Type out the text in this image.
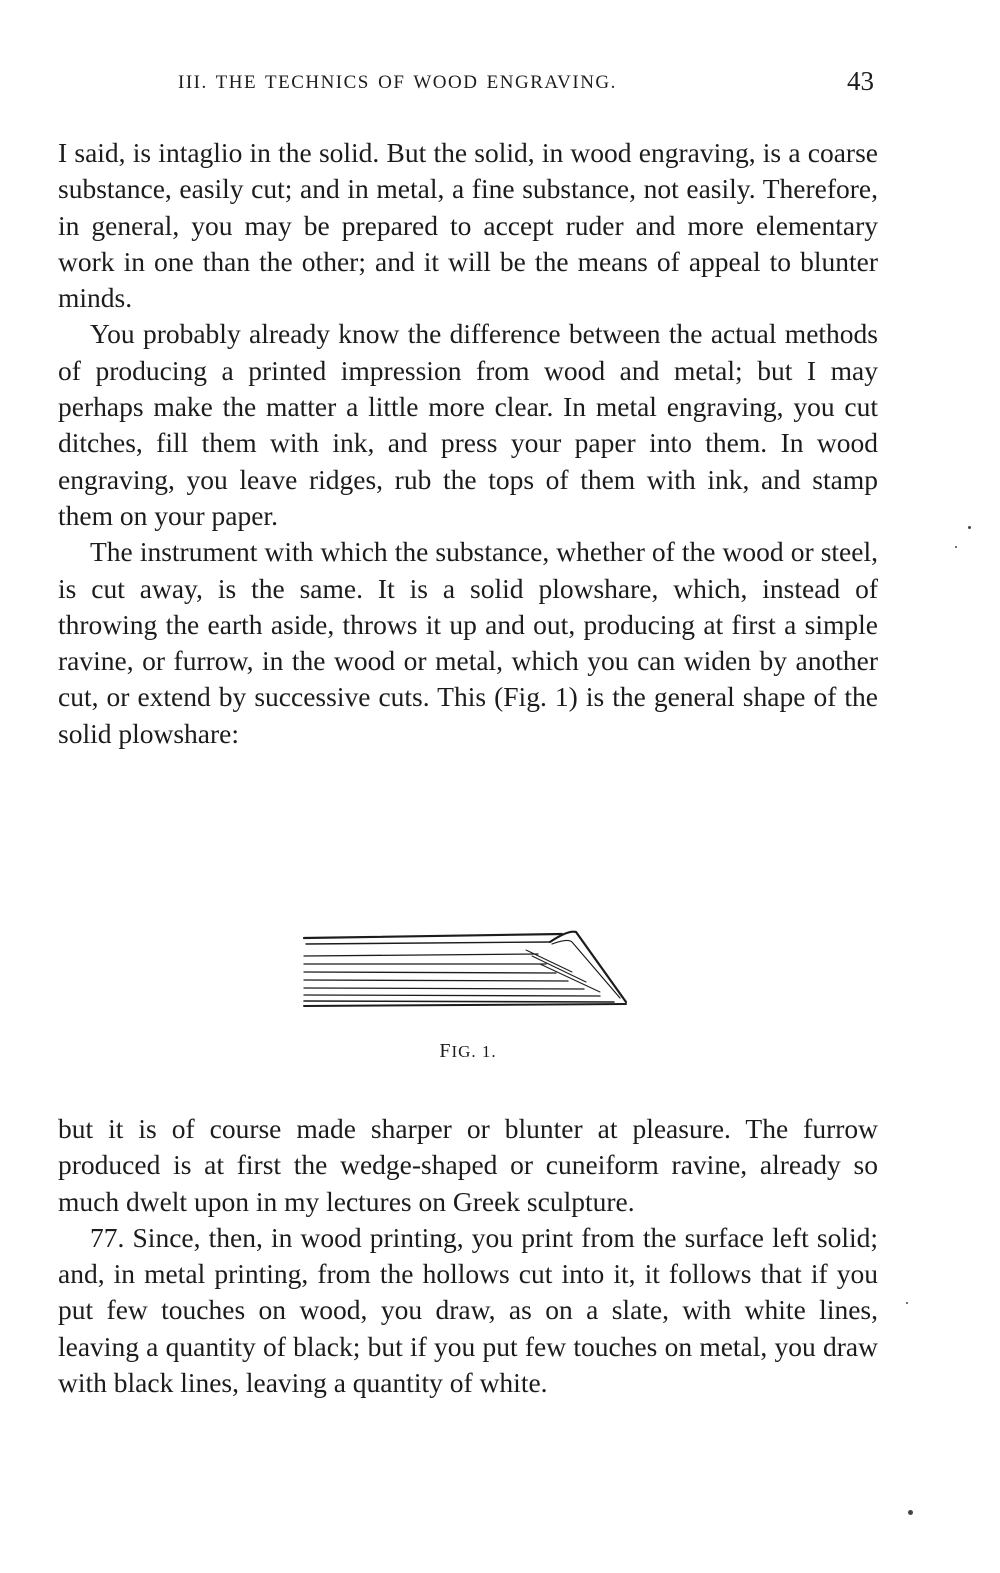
III. THE TECHNICS OF WOOD ENGRAVING.	43

I said, is intaglio in the solid. But the solid, in wood engraving, is a coarse substance, easily cut; and in metal, a fine substance, not easily. Therefore, in general, you may be prepared to accept ruder and more elementary work in one than the other; and it will be the means of appeal to blunter minds.

You probably already know the difference between the actual methods of producing a printed impression from wood and metal; but I may perhaps make the matter a little more clear. In metal engraving, you cut ditches, fill them with ink, and press your paper into them. In wood engraving, you leave ridges, rub the tops of them with ink, and stamp them on your paper.

The instrument with which the substance, whether of the wood or steel, is cut away, is the same. It is a solid plowshare, which, instead of throwing the earth aside, throws it up and out, producing at first a simple ravine, or furrow, in the wood or metal, which you can widen by another cut, or extend by successive cuts. This (Fig. 1) is the general shape of the solid plowshare:

FIG. 1.

but it is of course made sharper or blunter at pleasure. The furrow produced is at first the wedge-shaped or cuneiform ravine, already so much dwelt upon in my lectures on Greek sculpture.

77. Since, then, in wood printing, you print from the surface left solid; and, in metal printing, from the hollows cut into it, it follows that if you put few touches on wood, you draw, as on a slate, with white lines, leaving a quantity of black; but if you put few touches on metal, you draw with black lines, leaving a quantity of white.
